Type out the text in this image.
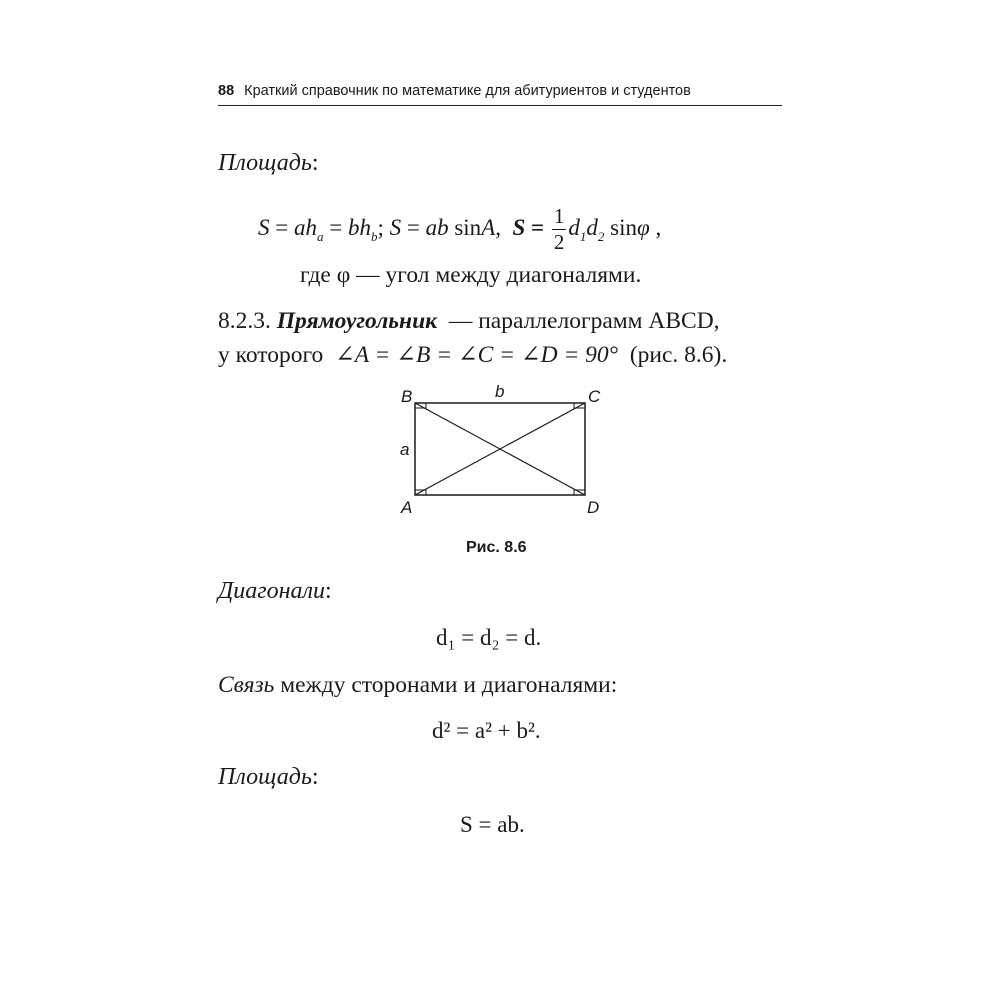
88 Краткий справочник по математике для абитуриентов и студентов
Площадь:
$S = ah_a = bh_b$; S = ab sinA,  $S = \frac{1}{2} d_1d_2$ sinφ ,
где φ — угол между диагоналями.
8.2.3. Прямоугольник — параллелограмм ABCD,
у которого ∠A = ∠B = ∠C = ∠D = 90° (рис. 8.6).
B	C
A	D
b
a
Рис. 8.6
Диагонали:
d₁ = d₂ = d.
Связь между сторонами и диагоналями:
d² = a² + b².
Площадь:
S = ab.
